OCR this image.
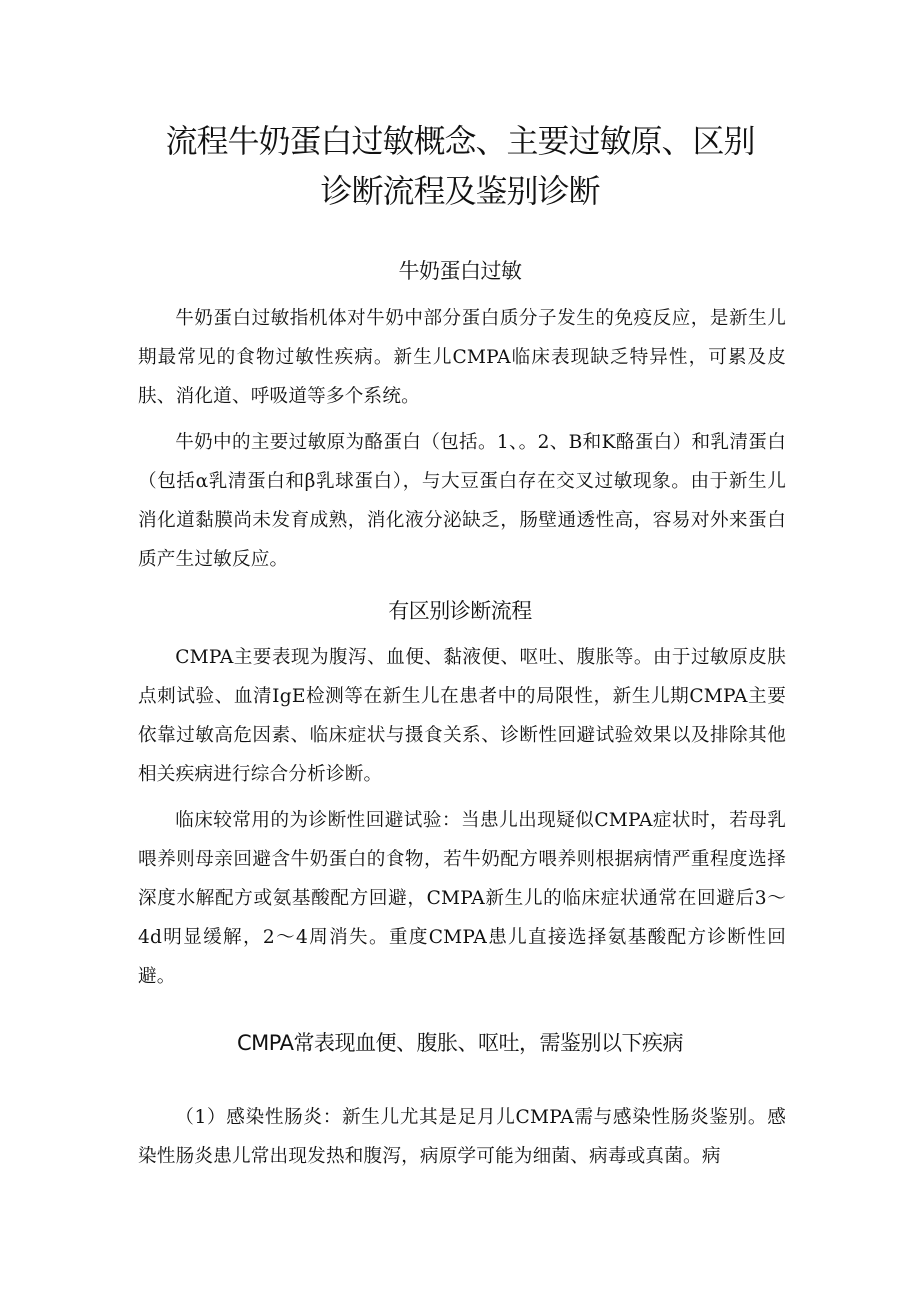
流程牛奶蛋白过敏概念、主要过敏原、区别
诊断流程及鉴别诊断
牛奶蛋白过敏

牛奶蛋白过敏指机体对牛奶中部分蛋白质分子发生的免疫反应，是新生儿期最常见的食物过敏性疾病。新生儿CMPA临床表现缺乏特异性，可累及皮肤、消化道、呼吸道等多个系统。

牛奶中的主要过敏原为酪蛋白（包括。1、。2、B和K酪蛋白）和乳清蛋白（包括α乳清蛋白和β乳球蛋白），与大豆蛋白存在交叉过敏现象。由于新生儿消化道黏膜尚未发育成熟，消化液分泌缺乏，肠壁通透性高，容易对外来蛋白质产生过敏反应。

有区别诊断流程

CMPA主要表现为腹泻、血便、黏液便、呕吐、腹胀等。由于过敏原皮肤点刺试验、血清IgE检测等在新生儿在患者中的局限性，新生儿期CMPA主要依靠过敏高危因素、临床症状与摄食关系、诊断性回避试验效果以及排除其他相关疾病进行综合分析诊断。

临床较常用的为诊断性回避试验：当患儿出现疑似CMPA症状时，若母乳喂养则母亲回避含牛奶蛋白的食物，若牛奶配方喂养则根据病情严重程度选择深度水解配方或氨基酸配方回避，CMPA新生儿的临床症状通常在回避后3～4d明显缓解，2～4周消失。重度CMPA患儿直接选择氨基酸配方诊断性回避。

CMPA常表现血便、腹胀、呕吐，需鉴别以下疾病

（1）感染性肠炎：新生儿尤其是足月儿CMPA需与感染性肠炎鉴别。感染性肠炎患儿常出现发热和腹泻，病原学可能为细菌、病毒或真菌。病
